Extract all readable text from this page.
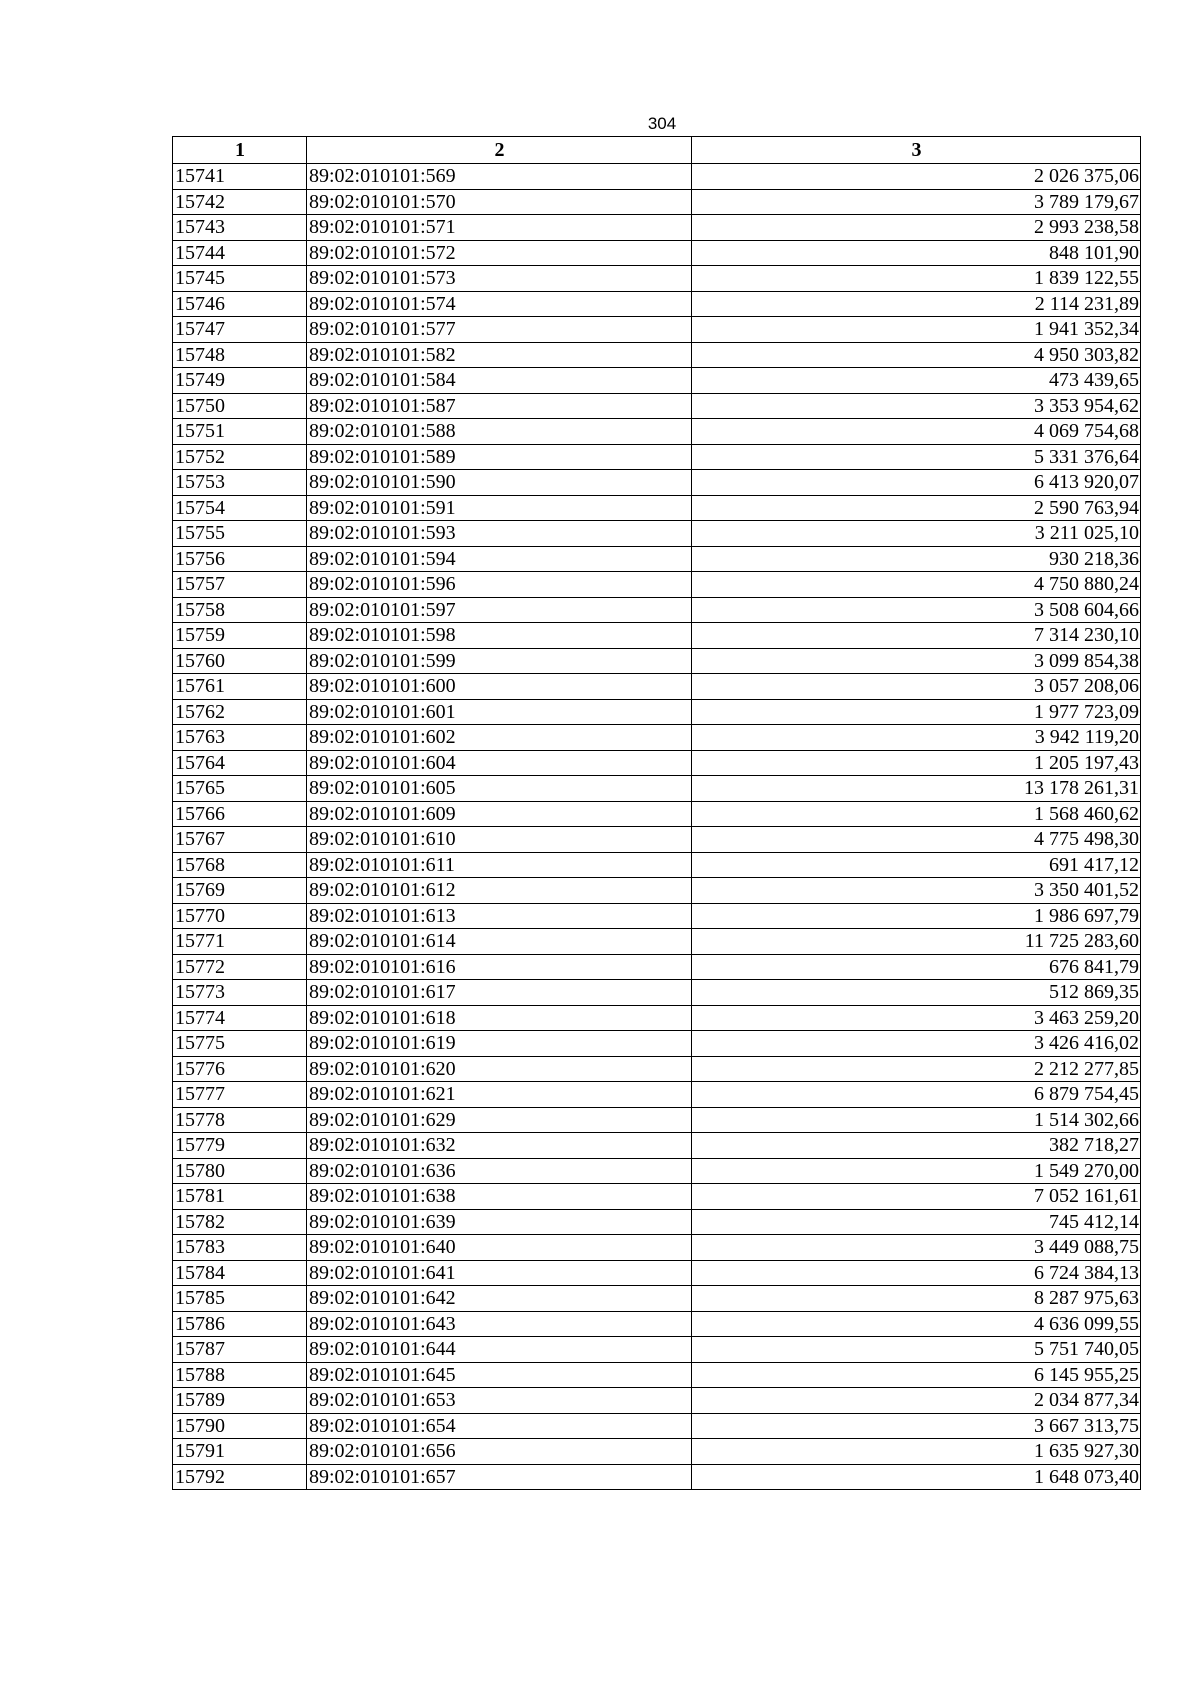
304
1	2	3
15741	89:02:010101:569	2 026 375,06
15742	89:02:010101:570	3 789 179,67
15743	89:02:010101:571	2 993 238,58
15744	89:02:010101:572	848 101,90
15745	89:02:010101:573	1 839 122,55
15746	89:02:010101:574	2 114 231,89
15747	89:02:010101:577	1 941 352,34
15748	89:02:010101:582	4 950 303,82
15749	89:02:010101:584	473 439,65
15750	89:02:010101:587	3 353 954,62
15751	89:02:010101:588	4 069 754,68
15752	89:02:010101:589	5 331 376,64
15753	89:02:010101:590	6 413 920,07
15754	89:02:010101:591	2 590 763,94
15755	89:02:010101:593	3 211 025,10
15756	89:02:010101:594	930 218,36
15757	89:02:010101:596	4 750 880,24
15758	89:02:010101:597	3 508 604,66
15759	89:02:010101:598	7 314 230,10
15760	89:02:010101:599	3 099 854,38
15761	89:02:010101:600	3 057 208,06
15762	89:02:010101:601	1 977 723,09
15763	89:02:010101:602	3 942 119,20
15764	89:02:010101:604	1 205 197,43
15765	89:02:010101:605	13 178 261,31
15766	89:02:010101:609	1 568 460,62
15767	89:02:010101:610	4 775 498,30
15768	89:02:010101:611	691 417,12
15769	89:02:010101:612	3 350 401,52
15770	89:02:010101:613	1 986 697,79
15771	89:02:010101:614	11 725 283,60
15772	89:02:010101:616	676 841,79
15773	89:02:010101:617	512 869,35
15774	89:02:010101:618	3 463 259,20
15775	89:02:010101:619	3 426 416,02
15776	89:02:010101:620	2 212 277,85
15777	89:02:010101:621	6 879 754,45
15778	89:02:010101:629	1 514 302,66
15779	89:02:010101:632	382 718,27
15780	89:02:010101:636	1 549 270,00
15781	89:02:010101:638	7 052 161,61
15782	89:02:010101:639	745 412,14
15783	89:02:010101:640	3 449 088,75
15784	89:02:010101:641	6 724 384,13
15785	89:02:010101:642	8 287 975,63
15786	89:02:010101:643	4 636 099,55
15787	89:02:010101:644	5 751 740,05
15788	89:02:010101:645	6 145 955,25
15789	89:02:010101:653	2 034 877,34
15790	89:02:010101:654	3 667 313,75
15791	89:02:010101:656	1 635 927,30
15792	89:02:010101:657	1 648 073,40
